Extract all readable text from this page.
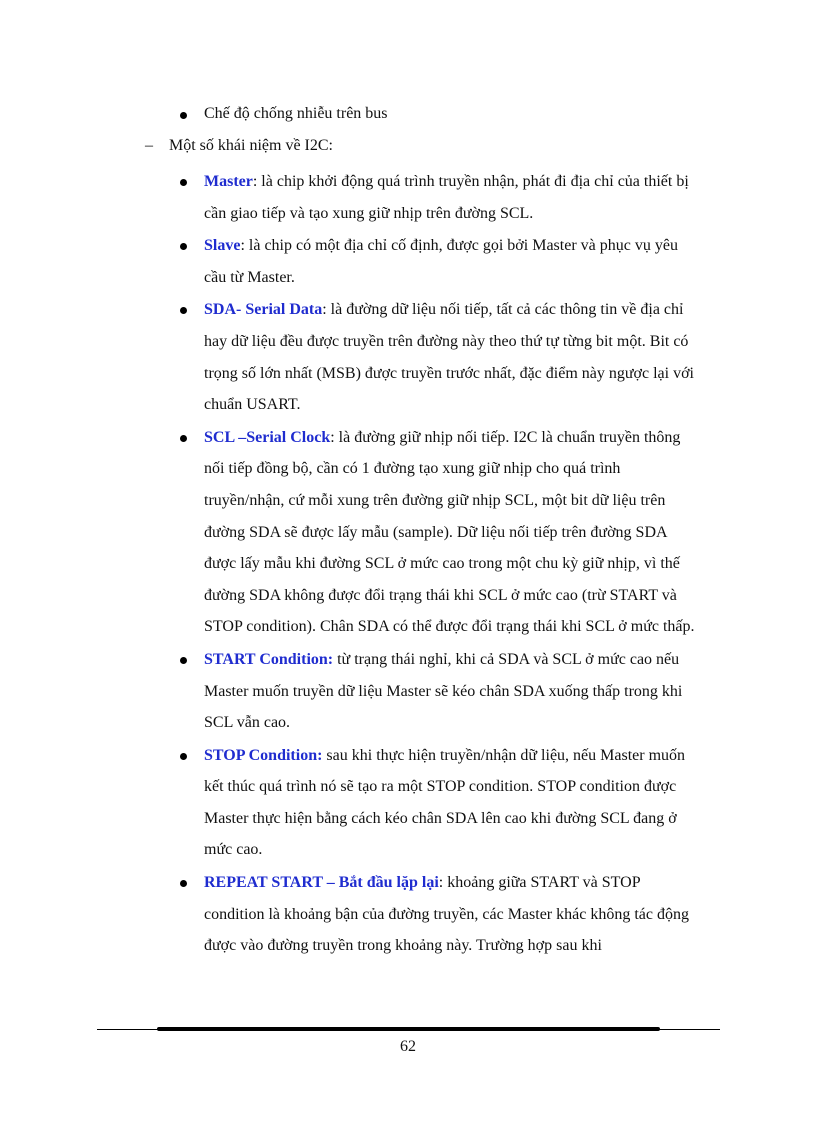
Chế độ chống nhiễu trên bus
– Một số khái niệm về I2C:
Master: là chip khởi động quá trình truyền nhận, phát đi địa chỉ của thiết bị cần giao tiếp và tạo xung giữ nhịp trên đường SCL.
Slave: là chip có một địa chỉ cố định, được gọi bởi Master và phục vụ yêu cầu từ Master.
SDA- Serial Data: là đường dữ liệu nối tiếp, tất cả các thông tin về địa chỉ hay dữ liệu đều được truyền trên đường này theo thứ tự từng bit một. Bit có trọng số lớn nhất (MSB) được truyền trước nhất, đặc điểm này ngược lại với chuẩn USART.
SCL –Serial Clock: là đường giữ nhịp nối tiếp. I2C là chuẩn truyền thông nối tiếp đồng bộ, cần có 1 đường tạo xung giữ nhịp cho quá trình truyền/nhận, cứ mỗi xung trên đường giữ nhịp SCL, một bit dữ liệu trên đường SDA sẽ được lấy mẫu (sample). Dữ liệu nối tiếp trên đường SDA được lấy mẫu khi đường SCL ở mức cao trong một chu kỳ giữ nhịp, vì thế đường SDA không được đổi trạng thái khi SCL ở mức cao (trừ START và STOP condition). Chân SDA có thể được đổi trạng thái khi SCL ở mức thấp.
START Condition: từ trạng thái nghỉ, khi cả SDA và SCL ở mức cao nếu Master muốn truyền dữ liệu Master sẽ kéo chân SDA xuống thấp trong khi SCL vẫn cao.
STOP Condition: sau khi thực hiện truyền/nhận dữ liệu, nếu Master muốn kết thúc quá trình nó sẽ tạo ra một STOP condition. STOP condition được Master thực hiện bằng cách kéo chân SDA lên cao khi đường SCL đang ở mức cao.
REPEAT START – Bắt đầu lặp lại: khoảng giữa START và STOP condition là khoảng bận của đường truyền, các Master khác không tác động được vào đường truyền trong khoảng này. Trường hợp sau khi
62
